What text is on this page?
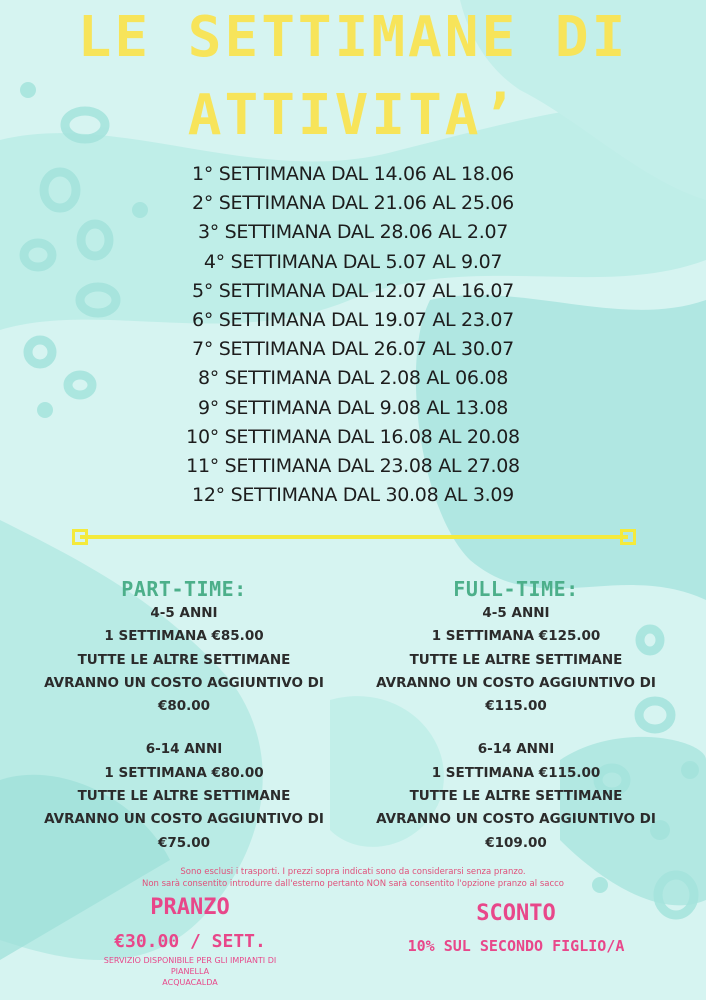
LE SETTIMANE DI
ATTIVITA’
1° SETTIMANA DAL 14.06 AL 18.06
2° SETTIMANA DAL 21.06 AL 25.06
3° SETTIMANA DAL 28.06 AL 2.07
4° SETTIMANA DAL 5.07 AL 9.07
5° SETTIMANA DAL 12.07 AL 16.07
6° SETTIMANA DAL 19.07 AL 23.07
7° SETTIMANA DAL 26.07 AL 30.07
8° SETTIMANA DAL 2.08 AL 06.08
9° SETTIMANA DAL 9.08 AL 13.08
10° SETTIMANA DAL 16.08 AL 20.08
11° SETTIMANA DAL 23.08 AL 27.08
12° SETTIMANA DAL 30.08 AL 3.09
PART-TIME:
4-5 ANNI
1 SETTIMANA €85.00
TUTTE LE ALTRE SETTIMANE
AVRANNO UN COSTO AGGIUNTIVO DI
€80.00
6-14 ANNI
1 SETTIMANA €80.00
TUTTE LE ALTRE SETTIMANE
AVRANNO UN COSTO AGGIUNTIVO DI
€75.00
FULL-TIME:
4-5 ANNI
1 SETTIMANA €125.00
TUTTE LE ALTRE SETTIMANE
AVRANNO UN COSTO AGGIUNTIVO DI
€115.00
6-14 ANNI
1 SETTIMANA €115.00
TUTTE LE ALTRE SETTIMANE
AVRANNO UN COSTO AGGIUNTIVO DI
€109.00
Sono esclusi i trasporti. I prezzi sopra indicati sono da considerarsi senza pranzo.
Non sarà consentito introdurre dall'esterno pertanto NON sarà consentito l'opzione pranzo al sacco
PRANZO
€30.00 / SETT.
SERVIZIO DISPONIBILE PER GLI IMPIANTI DI
PIANELLA
ACQUACALDA
SCONTO
10% SUL SECONDO FIGLIO/A
